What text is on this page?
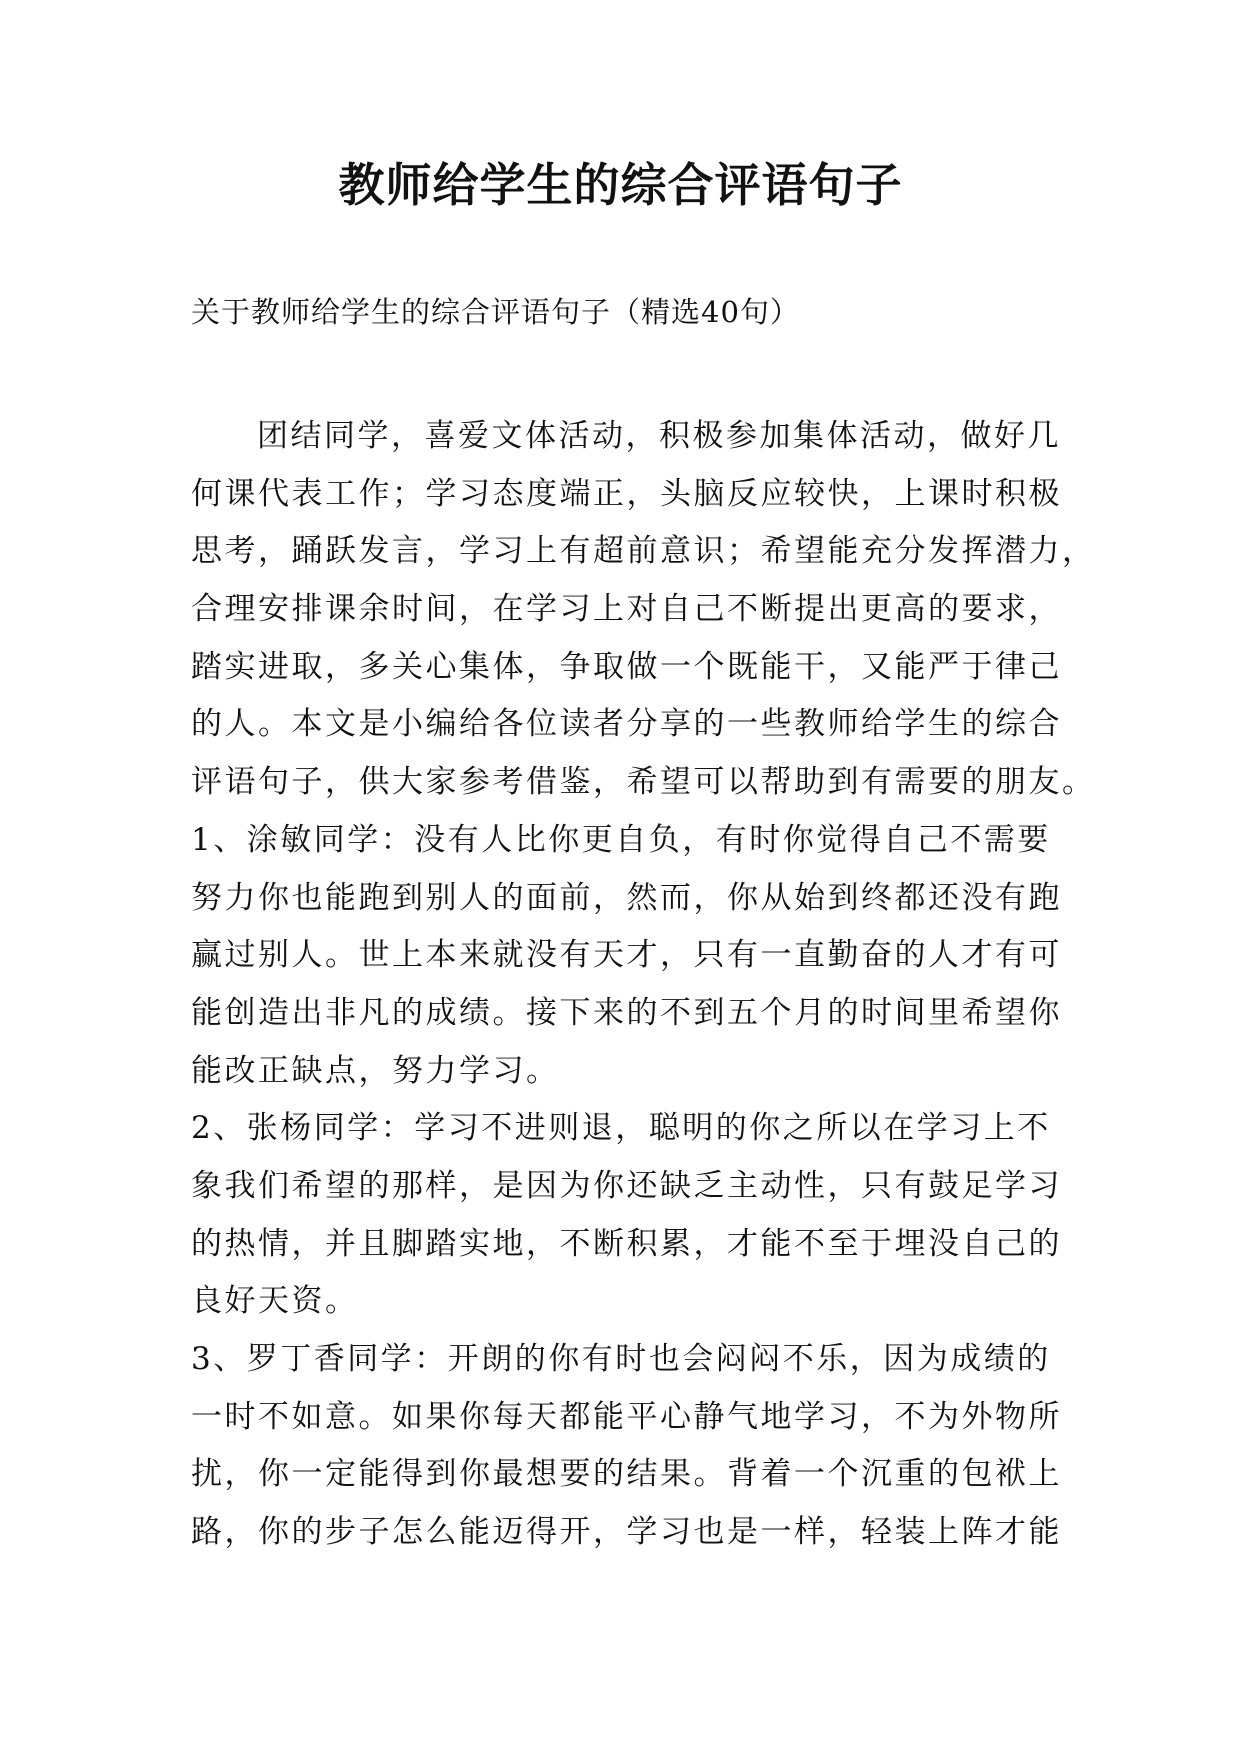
教师给学生的综合评语句子
关于教师给学生的综合评语句子（精选40句）
团结同学，喜爱文体活动，积极参加集体活动，做好几
何课代表工作；学习态度端正，头脑反应较快，上课时积极
思考，踊跃发言，学习上有超前意识；希望能充分发挥潜力，
合理安排课余时间，在学习上对自己不断提出更高的要求，
踏实进取，多关心集体，争取做一个既能干，又能严于律己
的人。本文是小编给各位读者分享的一些教师给学生的综合
评语句子，供大家参考借鉴，希望可以帮助到有需要的朋友。
1、涂敏同学：没有人比你更自负，有时你觉得自己不需要
努力你也能跑到别人的面前，然而，你从始到终都还没有跑
赢过别人。世上本来就没有天才，只有一直勤奋的人才有可
能创造出非凡的成绩。接下来的不到五个月的时间里希望你
能改正缺点，努力学习。
2、张杨同学：学习不进则退，聪明的你之所以在学习上不
象我们希望的那样，是因为你还缺乏主动性，只有鼓足学习
的热情，并且脚踏实地，不断积累，才能不至于埋没自己的
良好天资。
3、罗丁香同学：开朗的你有时也会闷闷不乐，因为成绩的
一时不如意。如果你每天都能平心静气地学习，不为外物所
扰，你一定能得到你最想要的结果。背着一个沉重的包袱上
路，你的步子怎么能迈得开，学习也是一样，轻装上阵才能
